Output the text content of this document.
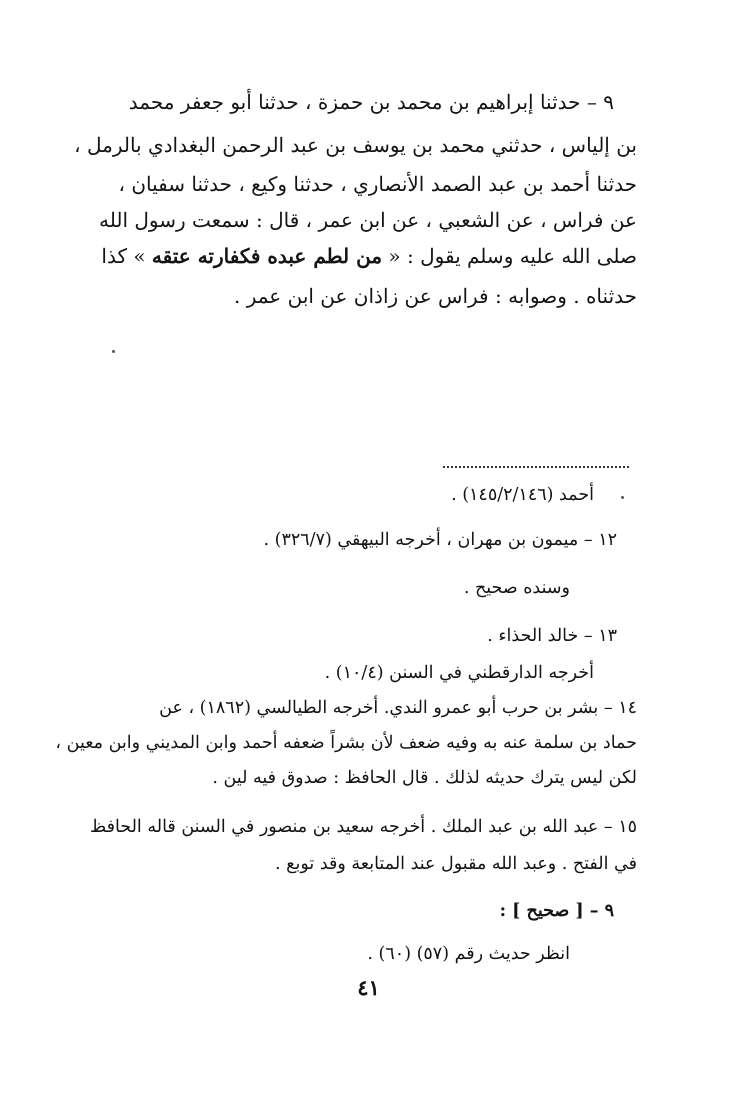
٩ – حدثنا إبراهيم بن محمد بن حمزة ، حدثنا أبو جعفر محمد
بن إلياس ، حدثني محمد بن يوسف بن عبد الرحمن البغدادي بالرمل ،
حدثنا أحمد بن عبد الصمد الأنصاري ، حدثنا وكيع ، حدثنا سفيان ،
عن فراس ، عن الشعبي ، عن ابن عمر ، قال : سمعت رسول الله
صلى الله عليه وسلم يقول : « من لطم عبده فكفارته عتقه » كذا
حدثناه . وصوابه : فراس عن زاذان عن ابن عمر .
أحمد (١٤٥/٢/١٤٦) .
١٢ – ميمون بن مهران ، أخرجه البيهقي (٣٢٦/٧) .
وسنده صحيح .
١٣ – خالد الحذاء .
أخرجه الدارقطني في السنن (١٠/٤) .
١٤ – بشر بن حرب أبو عمرو الندي. أخرجه الطيالسي (١٨٦٢) ، عن
حماد بن سلمة عنه به وفيه ضعف لأن بشراً ضعفه أحمد وابن المديني وابن معين ،
لكن ليس يترك حديثه لذلك . قال الحافظ : صدوق فيه لين .
١٥ – عبد الله بن عبد الملك . أخرجه سعيد بن منصور في السنن قاله الحافظ
في الفتح . وعبد الله مقبول عند المتابعة وقد توبع .
٩ – [ صحيح ] :
انظر حديث رقم (٥٧) (٦٠) .
٤١
